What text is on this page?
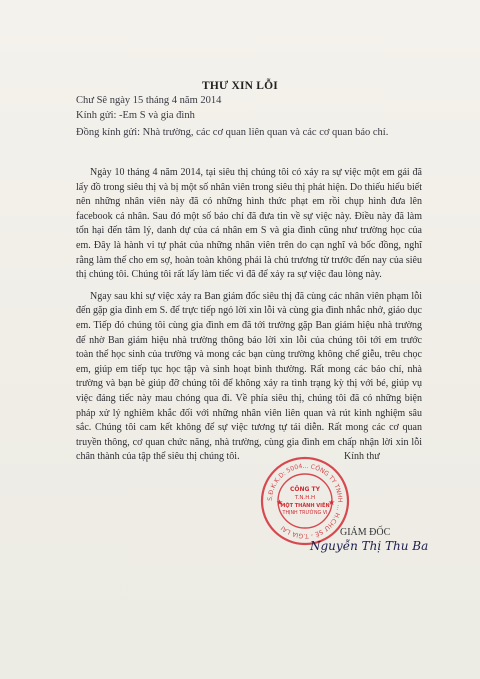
THƯ XIN LỖI
Chư Sê ngày 15 tháng 4 năm 2014
Kính gửi: -Em S và gia đình
Đồng kính gửi: Nhà trường, các cơ quan liên quan và các cơ quan báo chí.

Ngày 10 tháng 4 năm 2014, tại siêu thị chúng tôi có xảy ra sự việc một em gái đã lấy đồ trong siêu thị và bị một số nhân viên trong siêu thị phát hiện. Do thiếu hiểu biết nên những nhân viên này đã có những hình thức phạt em rồi chụp hình đưa lên facebook cá nhân. Sau đó một số báo chí đã đưa tin về sự việc này. Điều này đã làm tổn hại đến tâm lý, danh dự của cá nhân em S và gia đình cũng như trường học của em. Đây là hành vi tự phát của những nhân viên trên do cạn nghĩ và bốc đồng, nghĩ rằng làm thế cho em sợ, hoàn toàn không phải là chủ trương từ trước đến nay của siêu thị chúng tôi. Chúng tôi rất lấy làm tiếc vì đã để xảy ra sự việc đau lòng này.

Ngay sau khi sự việc xảy ra Ban giám đốc siêu thị đã cùng các nhân viên phạm lỗi đến gặp gia đình em S. để trực tiếp ngỏ lời xin lỗi và cùng gia đình nhắc nhở, giáo dục em. Tiếp đó chúng tôi cùng gia đình em đã tới trường gặp Ban giám hiệu nhà trường để nhờ Ban giám hiệu nhà trường thông báo lời xin lỗi của chúng tôi tới em trước toàn thể học sinh của trường và mong các bạn cùng trường không chế giễu, trêu chọc em, giúp em tiếp tục học tập và sinh hoạt bình thường. Rất mong các báo chí, nhà trường và bạn bè giúp đỡ chúng tôi để không xảy ra tình trạng kỳ thị với bé, giúp vụ việc đáng tiếc này mau chóng qua đi. Về phía siêu thị, chúng tôi đã có những biện pháp xử lý nghiêm khắc đối với những nhân viên liên quan và rút kinh nghiệm sâu sắc. Chúng tôi cam kết không để sự việc tương tự tái diễn. Rất mong các cơ quan truyền thông, cơ quan chức năng, nhà trường, cùng gia đình em chấp nhận lời xin lỗi chân thành của tập thể siêu thị chúng tôi.	Kính thư
S.Đ.K.K.D: 5004... CÔNG TY TNHH ... H.CHƯ SÊ - T.GIA LAI
CÔNG TY
T.N.H.H
MỘT THÀNH VIÊN
THỊNH TRƯỜNG VI
★	★
GIÁM ĐỐC
Nguyễn Thị Thu Ba
